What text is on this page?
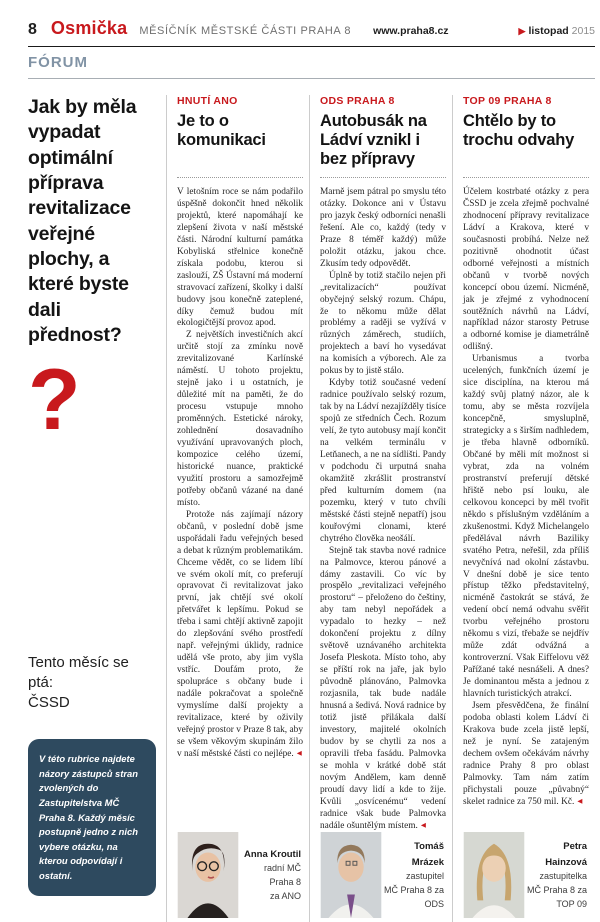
8 Osmička MĚSÍČNÍK MĚSTSKÉ ČÁSTI PRAHA 8	www.praha8.cz	▶ listopad 2015
FÓRUM
Jak by měla vypadat optimální příprava revitalizace veřejné plochy, a které byste dali přednost?
?
Tento měsíc se ptá:
ČSSD
V této rubrice najdete názory zástupců stran zvolených do Zastupitelstva MČ Praha 8. Každý měsíc postupně jedno z nich vybere otázku, na kterou odpovídají i ostatní.
HNUTÍ ANO
Je to o komunikaci

V letošním roce se nám podařilo úspěšně dokončit hned několik projektů, které napomáhají ke zlepšení života v naší městské části. Národní kulturní památka Kobyliská střelnice konečně získala podobu, kterou si zaslouží, ZŠ Ústavní má moderní stravovací zařízení, školky i další budovy jsou konečně zateplené, díky čemuž budou mít ekologičtější provoz apod.

Z největších investičních akcí určitě stojí za zmínku nově zrevitalizované Karlínské náměstí. U tohoto projektu, stejně jako i u ostatních, je důležité mít na paměti, že do procesu vstupuje mnoho proměnných. Estetické nároky, zohlednění dosavadního využívání upravovaných ploch, kompozice celého území, historické nuance, praktické využití prostoru a samozřejmě potřeby občanů vázané na dané místo.

Protože nás zajímají názory občanů, v poslední době jsme uspořádali řadu veřejných besed a debat k různým problematikám. Chceme vědět, co se lidem líbí ve svém okolí mít, co preferují opravovat či revitalizovat jako první, jak chtějí své okolí přetvářet k lepšímu. Pokud se třeba i sami chtějí aktivně zapojit do zlepšování svého prostředí např. veřejnými úklidy, radnice udělá vše proto, aby jim vyšla vstříc. Doufám proto, že spolupráce s občany bude i nadále pokračovat a společně vymyslíme další projekty a revitalizace, které by oživily veřejný prostor v Praze 8 tak, aby se všem věkovým skupinám žilo v naší městské části co nejlépe. ◀

Anna Kroutil
radní MČ Praha 8
za ANO
ODS PRAHA 8
Autobusák na Ládví vznikl i bez přípravy

Marně jsem pátral po smyslu této otázky. Dokonce ani v Ústavu pro jazyk český odborníci nenašli řešení. Ale co, každý (tedy v Praze 8 téměř každý) může položit otázku, jakou chce. Zkusím tedy odpovědět.

Úplně by totiž stačilo nejen při „revitalizacích“ používat obyčejný selský rozum. Chápu, že to někomu může dělat problémy a raději se vyžívá v různých záměrech, studiích, projektech a baví ho vysedávat na komisích a výborech. Ale za pokus by to jistě stálo.

Kdyby totiž současné vedení radnice používalo selský rozum, tak by na Ládví nezajížděly tisíce spojů ze středních Čech. Rozum velí, že tyto autobusy mají končit na velkém terminálu v Letňanech, a ne na sídlišti. Pandy v podchodu či urputná snaha okamžitě zkrášlit prostranství před kulturním domem (na pozemku, který v tuto chvíli městské části stejně nepatří) jsou kouřovými clonami, které chytrého člověka neošálí.

Stejně tak stavba nové radnice na Palmovce, kterou pánové a dámy zastavili. Co víc by prospělo „revitalizaci veřejného prostoru“ – přeloženo do češtiny, aby tam nebyl nepořádek a vypadalo to hezky – než dokončení projektu z dílny světově uznávaného architekta Josefa Pleskota. Místo toho, aby se příští rok na jaře, jak bylo původně plánováno, Palmovka rozjasnila, tak bude nadále hnusná a šedivá. Nová radnice by totiž jistě přilákala další investory, majitelé okolních budov by se chytli za nos a opravili třeba fasádu. Palmovka se mohla v krátké době stát novým Andělem, kam denně proudí davy lidí a kde to žije. Kvůli „osvícenému“ vedení radnice však bude Palmovka nadále ošuntělým místem. ◀

Tomáš Mrázek
zastupitel
MČ Praha 8 za ODS
TOP 09 PRAHA 8
Chtělo by to trochu odvahy

Účelem kostrbaté otázky z pera ČSSD je zcela zřejmě pochvalné zhodnocení přípravy revitalizace Ládví a Krakova, které v současnosti probíhá. Nelze než pozitivně ohodnotit účast odborné veřejnosti a místních občanů v tvorbě nových koncepcí obou území. Nicméně, jak je zřejmé z vyhodnocení soutěžních návrhů na Ládví, například názor starosty Petruse a odborné komise je diametrálně odlišný.

Urbanismus a tvorba ucelených, funkčních území je sice disciplína, na kterou má každý svůj platný názor, ale k tomu, aby se města rozvíjela koncepčně, smysluplně, strategicky a s širším nadhledem, je třeba hlavně odborníků. Občané by měli mít možnost si vybrat, zda na volném prostranství preferují dětské hřiště nebo psí louku, ale celkovou koncepci by měl tvořit někdo s příslušným vzděláním a zkušenostmi. Když Michelangelo předělával návrh Baziliky svatého Petra, neřešil, zda příliš nevyčnívá nad okolní zástavbu. V dnešní době je sice tento přístup těžko představitelný, nicméně častokrát se stává, že vedení obcí nemá odvahu svěřit tvorbu veřejného prostoru někomu s vizí, třebaže se nejdřív může zdát odvážná a kontroverzní. Však Eiffelovu věž Pařížané také nesnášeli. A dnes? Je dominantou města a jednou z hlavních turistických atrakcí.

Jsem přesvědčena, že finální podoba oblasti kolem Ládví či Krakova bude zcela jistě lepší, než je nyní. Se zatajeným dechem ovšem očekávám návrhy radnice Prahy 8 pro oblast Palmovky. Tam nám zatím přichystali pouze „půvabný“ skelet radnice za 750 mil. Kč. ◀

Petra Hainzová
zastupitelka
MČ Praha 8 za TOP 09
